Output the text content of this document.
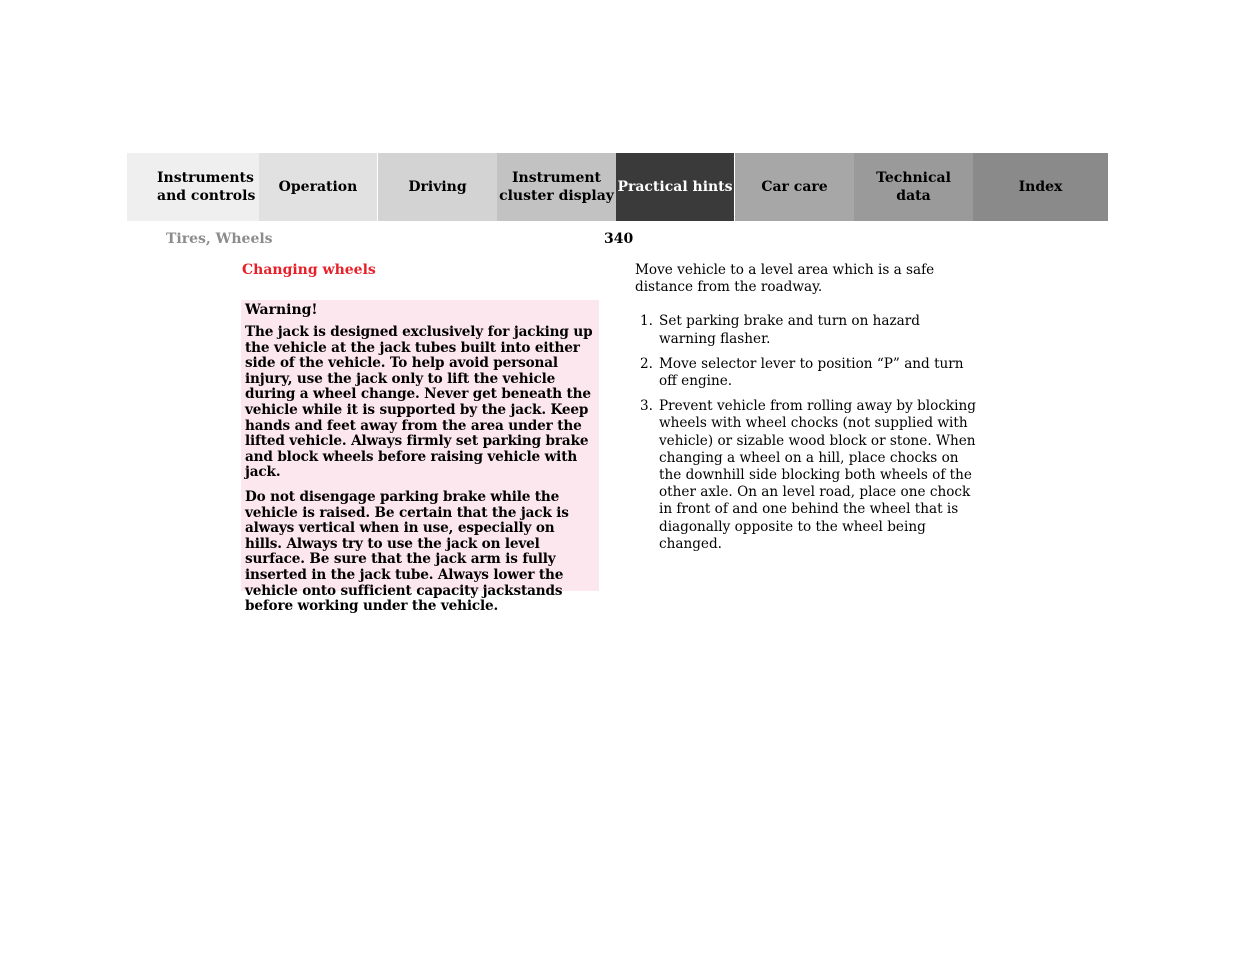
Instruments
and controls
Operation	Driving
Instrument
cluster display
Practical hints	Car care
Technical
data
Index
Tires, Wheels	340
Changing wheels
Warning!

The jack is designed exclusively for jacking up the vehicle at the jack tubes built into either side of the vehicle. To help avoid personal injury, use the jack only to lift the vehicle during a wheel change. Never get beneath the vehicle while it is supported by the jack. Keep hands and feet away from the area under the lifted vehicle. Always firmly set parking brake and block wheels before raising vehicle with jack.

Do not disengage parking brake while the vehicle is raised. Be certain that the jack is always vertical when in use, especially on hills. Always try to use the jack on level surface. Be sure that the jack arm is fully inserted in the jack tube. Always lower the vehicle onto sufficient capacity jackstands before working under the vehicle.

Move vehicle to a level area which is a safe distance from the roadway.

1. Set parking brake and turn on hazard warning flasher.
2. Move selector lever to position “P” and turn off engine.
3. Prevent vehicle from rolling away by blocking wheels with wheel chocks (not supplied with vehicle) or sizable wood block or stone. When changing a wheel on a hill, place chocks on the downhill side blocking both wheels of the other axle. On an level road, place one chock in front of and one behind the wheel that is diagonally opposite to the wheel being changed.
